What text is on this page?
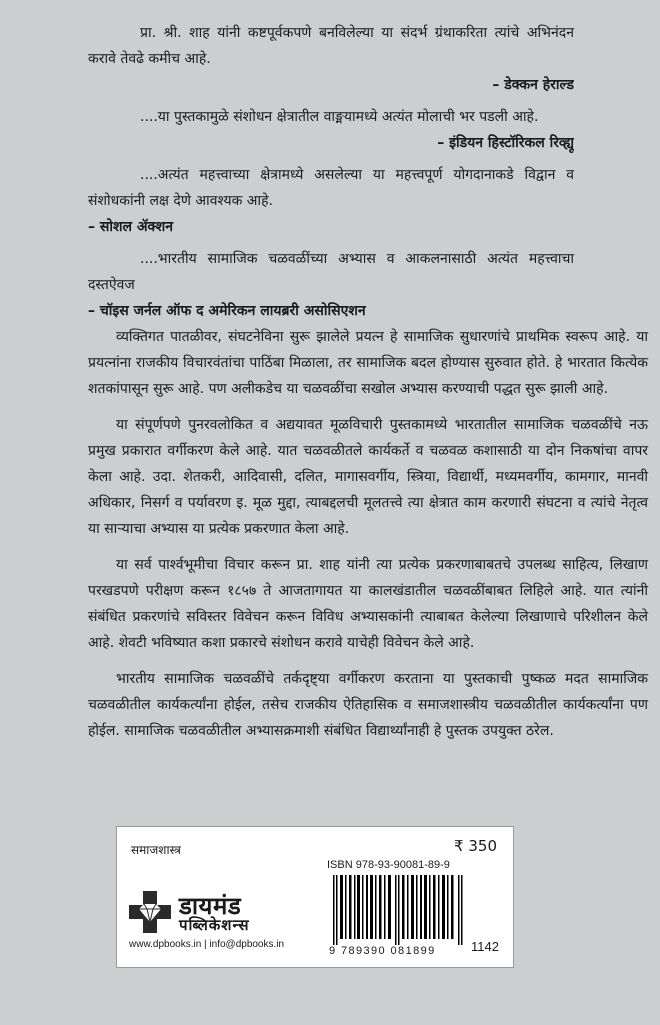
प्रा. श्री. शाह यांनी कष्टपूर्वकपणे बनविलेल्या या संदर्भ ग्रंथाकरिता त्यांचे अभिनंदन करावे तेवढे कमीच आहे.
– डेक्कन हेराल्ड
....या पुस्तकामुळे संशोधन क्षेत्रातील वाङ्मयामध्ये अत्यंत मोलाची भर पडली आहे.
– इंडियन हिस्टॉरिकल रिव्ह्यू
....अत्यंत महत्त्वाच्या क्षेत्रामध्ये असलेल्या या महत्त्वपूर्ण योगदानाकडे विद्वान व संशोधकांनी लक्ष देणे आवश्यक आहे.
– सोशल ॲक्शन
....भारतीय सामाजिक चळवळींच्या अभ्यास व आकलनासाठी अत्यंत महत्त्वाचा दस्तऐवज
– चॉइस जर्नल ऑफ द अमेरिकन लायब्ररी असोसिएशन

व्यक्तिगत पातळीवर, संघटनेविना सुरू झालेले प्रयत्न हे सामाजिक सुधारणांचे प्राथमिक स्वरूप आहे. या प्रयत्नांना राजकीय विचारवंतांचा पाठिंबा मिळाला, तर सामाजिक बदल होण्यास सुरुवात होते. हे भारतात कित्येक शतकांपासून सुरू आहे. पण अलीकडेच या चळवळींचा सखोल अभ्यास करण्याची पद्धत सुरू झाली आहे.

या संपूर्णपणे पुनरवलोकित व अद्ययावत मूळविचारी पुस्तकामध्ये भारतातील सामाजिक चळवळींचे नऊ प्रमुख प्रकारात वर्गीकरण केले आहे. यात चळवळीतले कार्यकर्ते व चळवळ कशासाठी या दोन निकषांचा वापर केला आहे. उदा. शेतकरी, आदिवासी, दलित, मागासवर्गीय, स्त्रिया, विद्यार्थी, मध्यमवर्गीय, कामगार, मानवी अधिकार, निसर्ग व पर्यावरण इ. मूळ मुद्दा, त्याबद्दलची मूलतत्त्वे त्या क्षेत्रात काम करणारी संघटना व त्यांचे नेतृत्व या साऱ्याचा अभ्यास या प्रत्येक प्रकरणात केला आहे.

या सर्व पार्श्वभूमीचा विचार करून प्रा. शाह यांनी त्या प्रत्येक प्रकरणाबाबतचे उपलब्ध साहित्य, लिखाण परखडपणे परीक्षण करून १८५७ ते आजतागायत या कालखंडातील चळवळींबाबत लिहिले आहे. यात त्यांनी संबंधित प्रकरणांचे सविस्तर विवेचन करून विविध अभ्यासकांनी त्याबाबत केलेल्या लिखाणाचे परिशीलन केले आहे. शेवटी भविष्यात कशा प्रकारचे संशोधन करावे याचेही विवेचन केले आहे.

भारतीय सामाजिक चळवळींचे तर्कदृष्ट्या वर्गीकरण करताना या पुस्तकाची पुष्कळ मदत सामाजिक चळवळीतील कार्यकर्त्यांना होईल, तसेच राजकीय ऐतिहासिक व समाजशास्त्रीय चळवळीतील कार्यकर्त्यांना पण होईल. सामाजिक चळवळीतील अभ्यासक्रमाशी संबंधित विद्यार्थ्यांनाही हे पुस्तक उपयुक्त ठरेल.

समाजशास्त्र	₹ 350
ISBN 978-93-90081-89-9
डायमंड
पब्लिकेशन्स
www.dpbooks.in | info@dpbooks.in
9 789390 081899	1142
